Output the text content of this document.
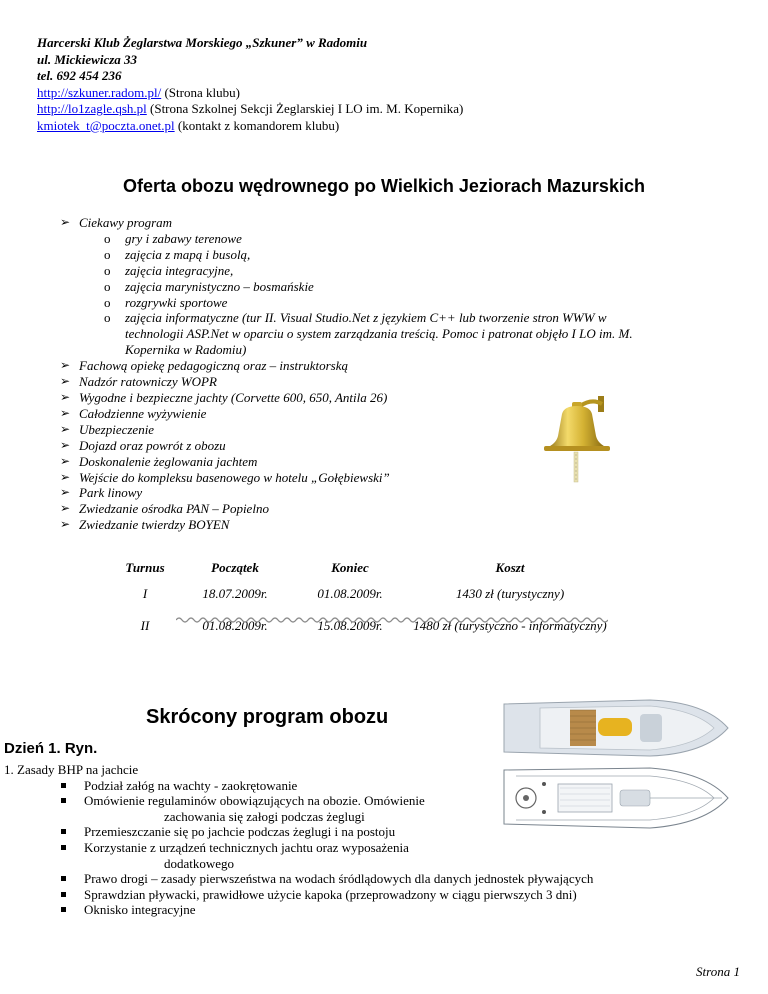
Harcerski Klub Żeglarstwa Morskiego „Szkuner” w Radomiu
ul. Mickiewicza 33
tel. 692 454 236
http://szkuner.radom.pl/ (Strona klubu)
http://lo1zagle.qsh.pl (Strona Szkolnej Sekcji Żeglarskiej I LO im. M. Kopernika)
kmiotek_t@poczta.onet.pl (kontakt z komandorem klubu)
Oferta obozu wędrownego po Wielkich Jeziorach Mazurskich
➢ Ciekawy program
o	gry i zabawy terenowe
o	zajęcia z mapą i busolą,
o	zajęcia integracyjne,
o	zajęcia marynistyczno – bosmańskie
o	rozgrywki sportowe
o	zajęcia informatyczne (tur II. Visual Studio.Net z językiem C++ lub tworzenie stron WWW w technologii ASP.Net w oparciu o system zarządzania treścią. Pomoc i patronat objęło I LO im. M. Kopernika w Radomiu)
➢ Fachową opiekę pedagogiczną oraz – instruktorską
➢ Nadzór ratowniczy WOPR
➢ Wygodne i bezpieczne jachty (Corvette 600, 650, Antila 26)
➢ Całodzienne wyżywienie
➢ Ubezpieczenie
➢ Dojazd oraz powrót z obozu
➢ Doskonalenie żeglowania jachtem
➢ Wejście do kompleksu basenowego w hotelu „Gołębiewski”
➢ Park linowy
➢ Zwiedzanie ośrodka PAN – Popielno
➢ Zwiedzanie twierdzy BOYEN
Turnus	Początek	Koniec	Koszt
I	18.07.2009r.	01.08.2009r.	1430 zł (turystyczny)
II	01.08.2009r.	15.08.2009r.	1480 zł (turystyczno - informatyczny)
Skrócony program obozu
Dzień 1. Ryn.
1. Zasady BHP na jachcie
Podział załóg na wachty - zaokrętowanie
Omówienie regulaminów obowiązujących na obozie. Omówienie
zachowania się załogi podczas żeglugi
Przemieszczanie się po jachcie podczas żeglugi i na postoju
Korzystanie z urządzeń technicznych jachtu oraz wyposażenia
dodatkowego
Prawo drogi – zasady pierwszeństwa na wodach śródlądowych dla danych jednostek pływających
Sprawdzian pływacki, prawidłowe użycie kapoka (przeprowadzony w ciągu pierwszych 3 dni)
Oknisko integracyjne
Strona 1
